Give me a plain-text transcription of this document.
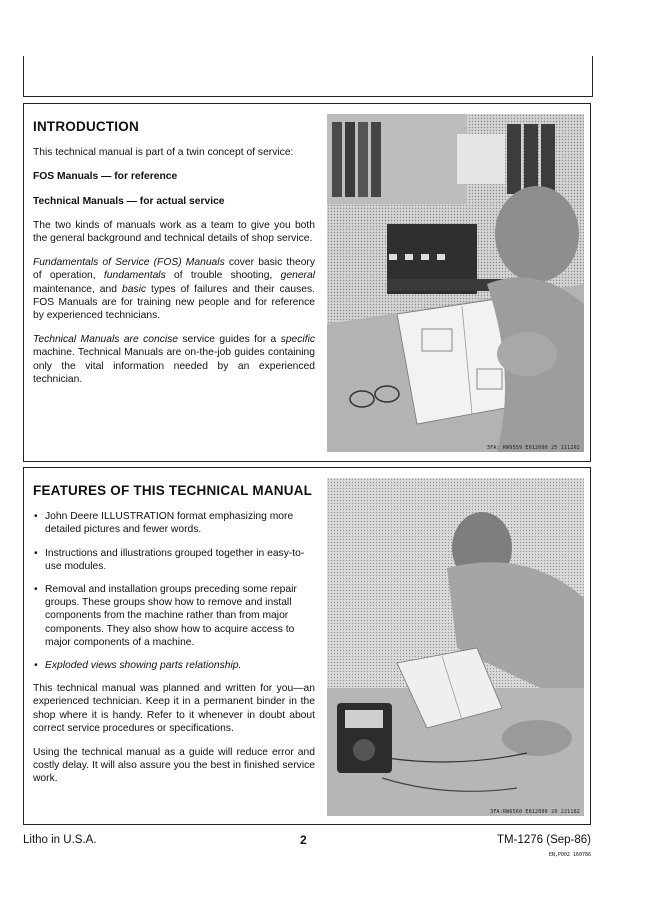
INTRODUCTION

This technical manual is part of a twin concept of service:

FOS Manuals — for reference

Technical Manuals — for actual service

The two kinds of manuals work as a team to give you both the general background and technical details of shop service.

Fundamentals of Service (FOS) Manuals cover basic theory of operation, fundamentals of trouble shooting, general maintenance, and basic types of failures and their causes. FOS Manuals are for training new people and for reference by experienced technicians.

Technical Manuals are concise service guides for a specific machine. Technical Manuals are on-the-job guides containing only the vital information needed by an experienced technician.

3FA: RW9559 E012000 25 111202
FEATURES OF THIS TECHNICAL MANUAL
• John Deere ILLUSTRATION format emphasizing more detailed pictures and fewer words.
• Instructions and illustrations grouped together in easy-to-use modules.
• Removal and installation groups preceding some repair groups. These groups show how to remove and install components from the machine rather than from major components. They also show how to acquire access to major components of a machine.
• Exploded views showing parts relationship.

This technical manual was planned and written for you—an experienced technician. Keep it in a permanent binder in the shop where it is handy. Refer to it whenever in doubt about correct service procedures or specifications.

Using the technical manual as a guide will reduce error and costly delay. It will also assure you the best in finished service work.

3FA:RW6560 E012000 20 221182
Litho in U.S.A.	2	TM-1276 (Sep-86)
EN,P002 160786
